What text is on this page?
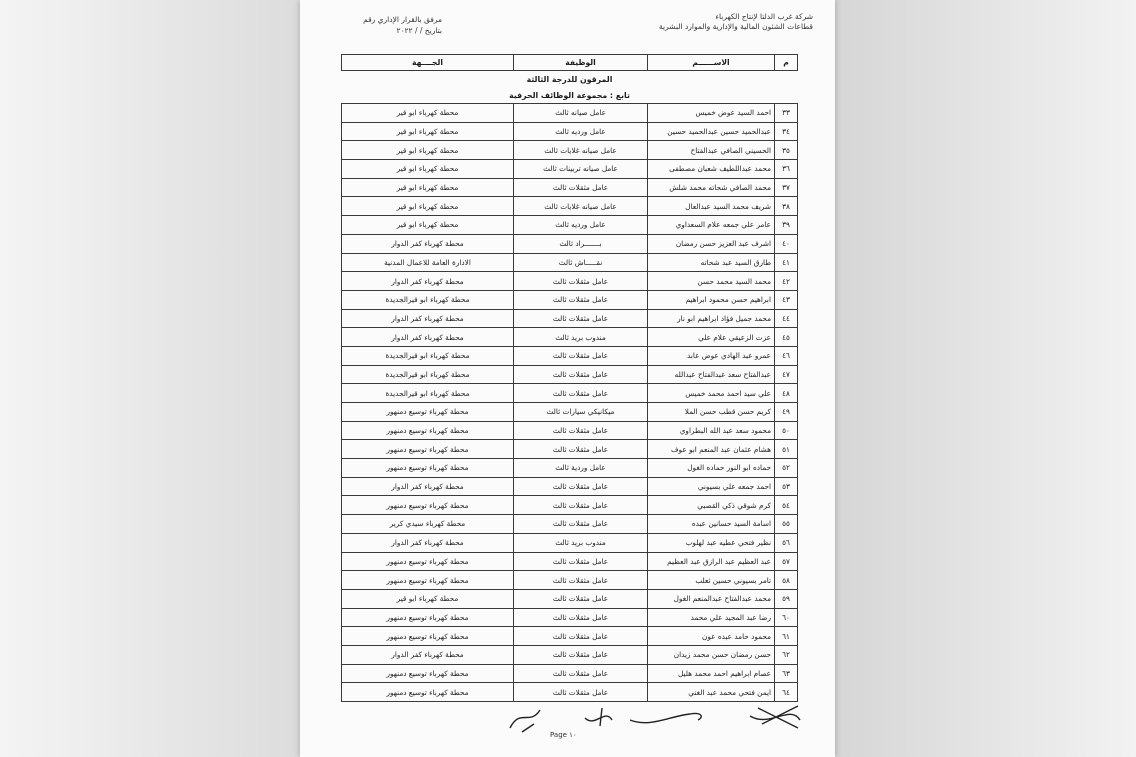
شركة غرب الدلتا لإنتاج الكهرباء
قطاعات الشئون المالية والإدارية والموارد البشرية
مرفق بالقرار الإداري رقم
بتاريخ / / ٢٠٢٢
م	الاســــــم	الوظيفة	الجــــهة
المرقون للدرجة الثالثة			
تابع : مجموعة الوظائف الحرفية			
٣٣	احمد السيد عوض خميس	عامل صيانه ثالث	محطة كهرباء ابو قير
٣٤	عبدالحميد حسين عبدالحميد حسين	عامل ورديه ثالث	محطة كهرباء ابو قير
٣٥	الحسيني الصافي عبدالفتاح	عامل صيانه غلايات ثالث	محطة كهرباء ابو قير
٣٦	محمد عبداللطيف شعبان مصطفى	عامل صيانه تربينات ثالث	محطة كهرباء ابو قير
٣٧	محمد الصافي شحاته محمد شلش	عامل مثقلات ثالث	محطة كهرباء ابو قير
٣٨	شريف محمد السيد عبدالعال	عامل صيانه غلايات ثالث	محطة كهرباء ابو قير
٣٩	عامر علي جمعه علام السعداوي	عامل ورديه ثالث	محطة كهرباء ابو قير
٤٠	اشرف عبد العزيز حسن رمضان	بـــــــراد ثالث	محطة كهرباء كفر الدوار
٤١	طارق السيد عبد شحاته	نقـــــاش ثالث	الادارة العامة للاعمال المدنية
٤٢	محمد السيد محمد حسن	عامل مثقلات ثالث	محطة كهرباء كفر الدوار
٤٣	ابراهيم حسن محمود ابراهيم	عامل مثقلات ثالث	محطة كهرباء ابو قيرالجديدة
٤٤	محمد جميل فؤاد ابراهيم ابو نار	عامل مثقلات ثالث	محطة كهرباء كفر الدوار
٤٥	عزت الزعيقي علام علي	مندوب بريد ثالث	محطة كهرباء كفر الدوار
٤٦	عمرو عبد الهادي عوض عابد	عامل مثقلات ثالث	محطة كهرباء ابو قيرالجديدة
٤٧	عبدالفتاح سعد عبدالفتاح عبدالله	عامل مثقلات ثالث	محطة كهرباء ابو قيرالجديدة
٤٨	علي سيد احمد محمد خميس	عامل مثقلات ثالث	محطة كهرباء ابو قيرالجديدة
٤٩	كريم حسن قطب حسن الملا	ميكانيكي سيارات ثالث	محطة كهرباء توسيع دمنهور
٥٠	محمود سعد عبد الله البطراوي	عامل مثقلات ثالث	محطة كهرباء توسيع دمنهور
٥١	هشام عثمان عبد المنعم ابو عوف	عامل مثقلات ثالث	محطة كهرباء توسيع دمنهور
٥٢	حماده ابو النور حماده الغول	عامل وردية ثالث	محطة كهرباء توسيع دمنهور
٥٣	احمد جمعه علي بسيوني	عامل مثقلات ثالث	محطة كهرباء كفر الدوار
٥٤	كرم شوقي ذكي القصبي	عامل مثقلات ثالث	محطة كهرباء توسيع دمنهور
٥٥	اسامة السيد حسانين عبده	عامل مثقلات ثالث	محطة كهرباء سيدي كرير
٥٦	نظير فتحي عطيه عبد لهلوب	مندوب بريد ثالث	محطة كهرباء كفر الدوار
٥٧	عبد العظيم عبد الرازق عبد العظيم	عامل مثقلات ثالث	محطة كهرباء توسيع دمنهور
٥٨	تامر بسيوني حسين ثعلب	عامل مثقلات ثالث	محطة كهرباء توسيع دمنهور
٥٩	محمد عبدالفتاح عبدالمنعم الغول	عامل مثقلات ثالث	محطة كهرباء ابو قير
٦٠	رضا عبد المجيد علي محمد	عامل مثقلات ثالث	محطة كهرباء توسيع دمنهور
٦١	محمود حامد عبده عون	عامل مثقلات ثالث	محطة كهرباء توسيع دمنهور
٦٢	حسن رمضان حسن محمد زيدان	عامل مثقلات ثالث	محطة كهرباء كفر الدوار
٦٣	عصام ابراهيم احمد محمد هليل	عامل مثقلات ثالث	محطة كهرباء توسيع دمنهور
٦٤	ايمن فتحي محمد عبد الغني	عامل مثقلات ثالث	محطة كهرباء توسيع دمنهور
Page ١٠
